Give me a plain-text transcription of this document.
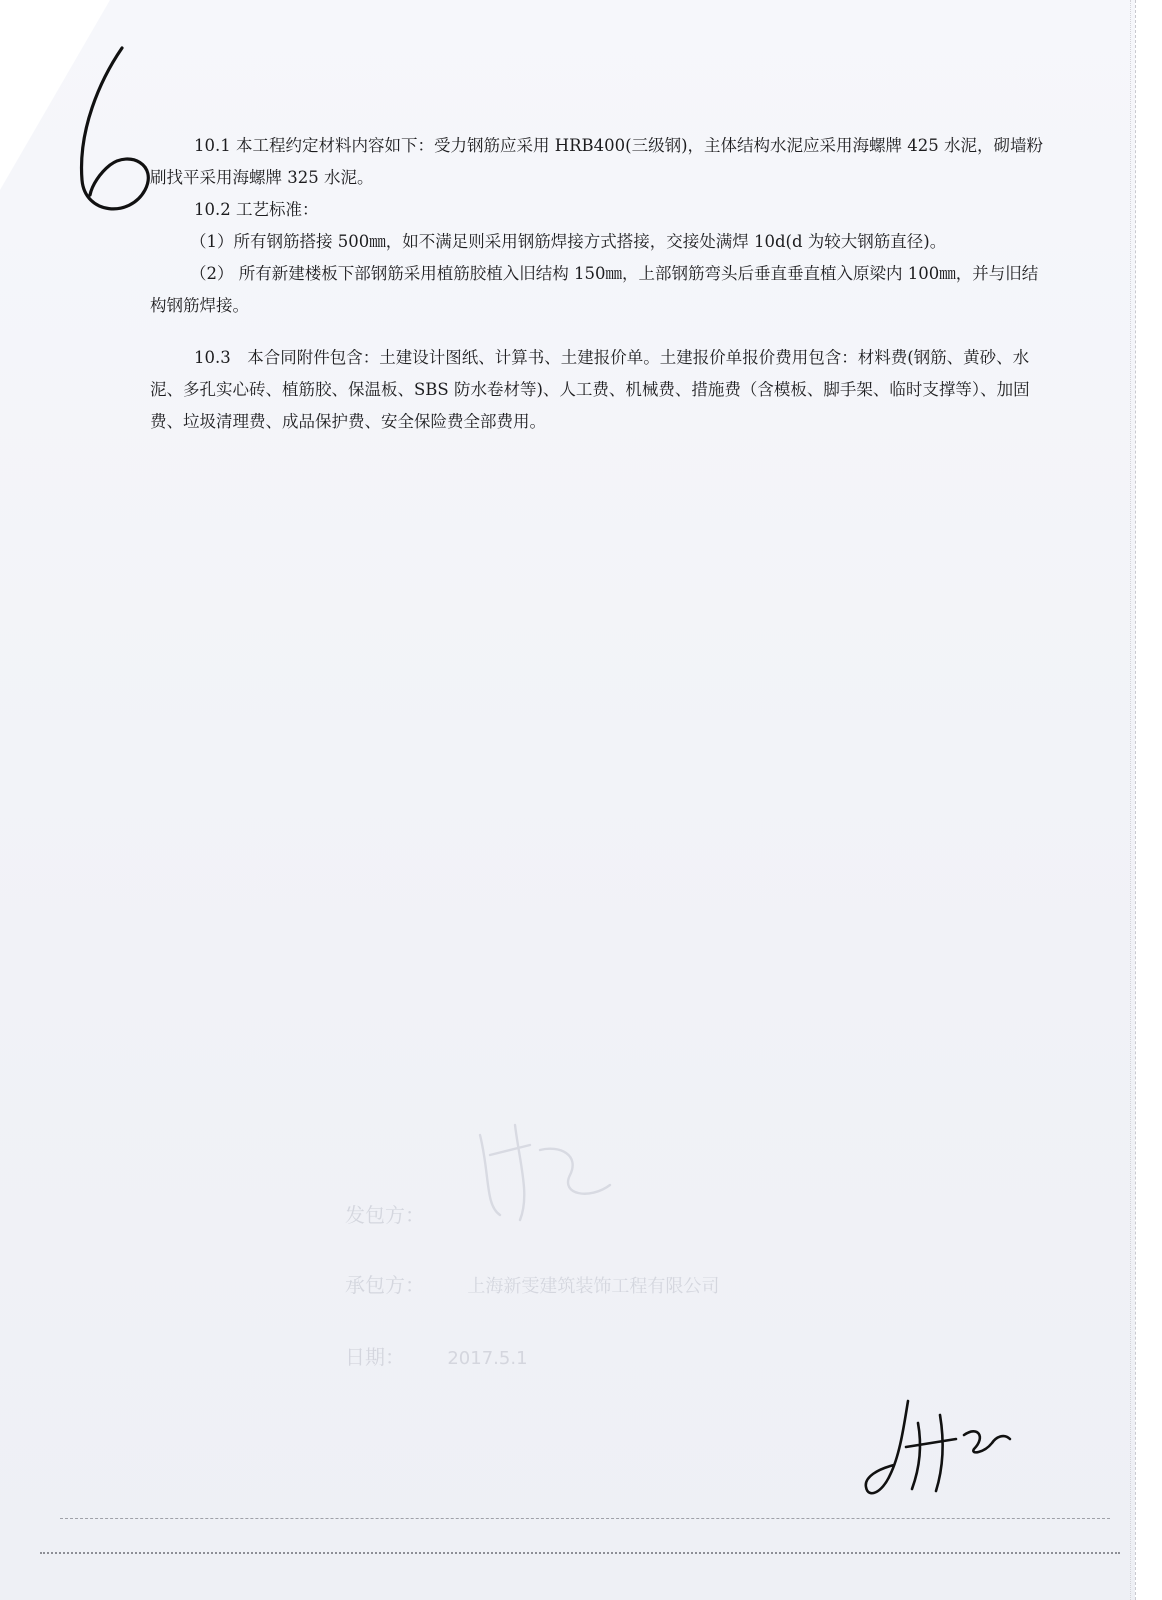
10.1 本工程约定材料内容如下：受力钢筋应采用 HRB400(三级钢)，主体结构水泥应采用海螺牌 425 水泥，砌墙粉刷找平采用海螺牌 325 水泥。

10.2 工艺标准：

（1）所有钢筋搭接 500㎜，如不满足则采用钢筋焊接方式搭接，交接处满焊 10d(d 为较大钢筋直径)。

（2） 所有新建楼板下部钢筋采用植筋胶植入旧结构 150㎜，上部钢筋弯头后垂直垂直植入原梁内 100㎜，并与旧结构钢筋焊接。

10.3　本合同附件包含：土建设计图纸、计算书、土建报价单。土建报价单报价费用包含：材料费(钢筋、黄砂、水泥、多孔实心砖、植筋胶、保温板、SBS 防水卷材等)、人工费、机械费、措施费（含模板、脚手架、临时支撑等）、加固费、垃圾清理费、成品保护费、安全保险费全部费用。

发包方：
承包方： 上海新雯建筑装饰工程有限公司
日期： 2017.5.1
